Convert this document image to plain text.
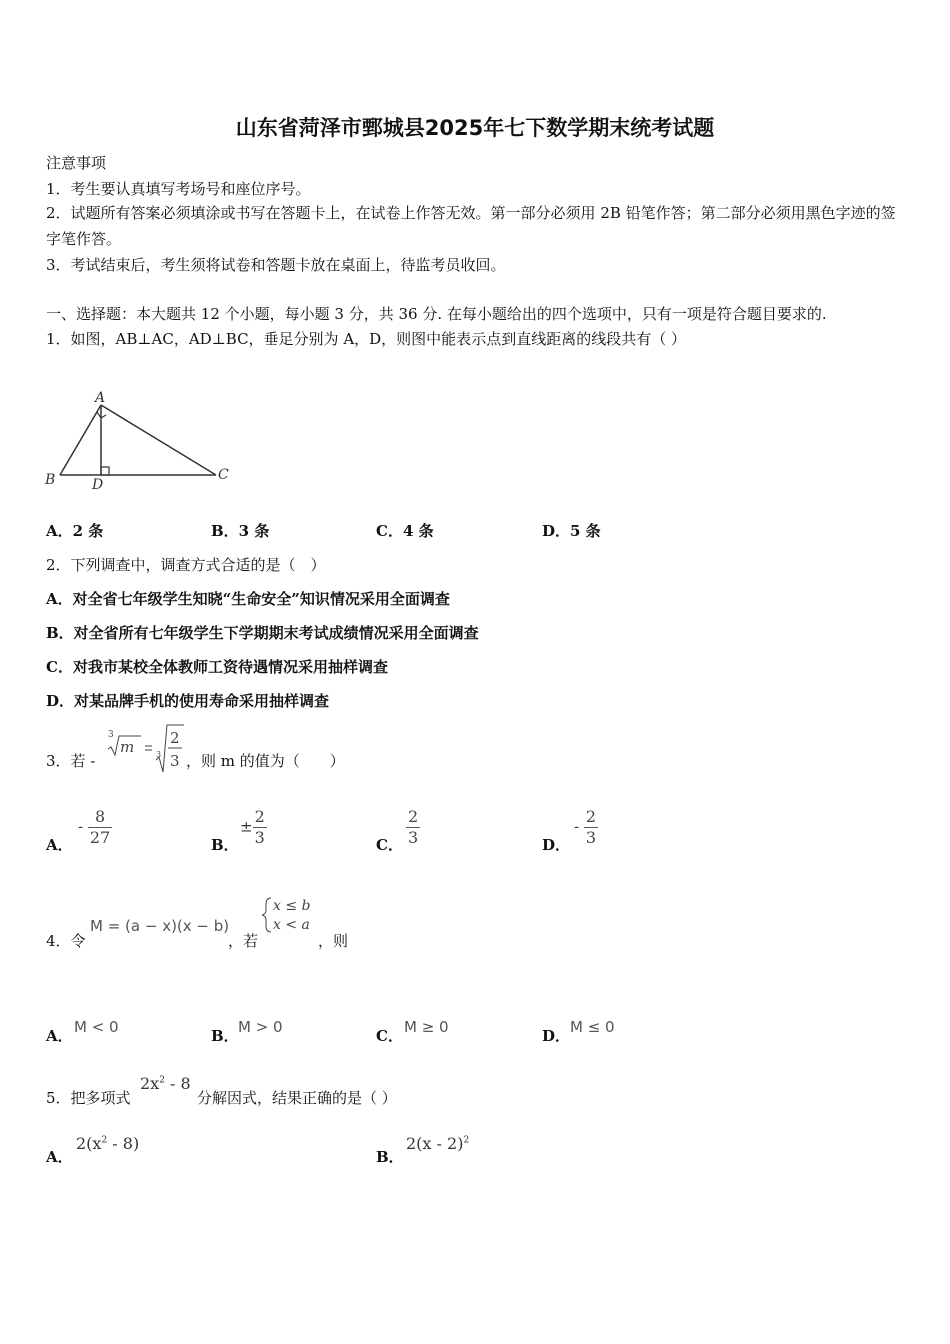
山东省菏泽市鄄城县2025年七下数学期末统考试题
注意事项
1．考生要认真填写考场号和座位序号。
2．试题所有答案必须填涂或书写在答题卡上，在试卷上作答无效。第一部分必须用 2B 铅笔作答；第二部分必须用黑色字迹的签字笔作答。
3．考试结束后，考生须将试卷和答题卡放在桌面上，待监考员收回。
一、选择题：本大题共 12 个小题，每小题 3 分，共 36 分. 在每小题给出的四个选项中，只有一项是符合题目要求的.
1．如图，AB⊥AC，AD⊥BC，垂足分别为 A，D，则图中能表示点到直线距离的线段共有（ ）
A
B	C
D
A．2 条	B．3 条	C．4 条	D．5 条
2．下列调查中，调查方式合适的是（　）
A．对全省七年级学生知晓“生命安全”知识情况采用全面调查
B．对全省所有七年级学生下学期期末考试成绩情况采用全面调查
C．对我市某校全体教师工资待遇情况采用抽样调查
D．对某品牌手机的使用寿命采用抽样调查
3．若 -
3
m	3
2
3 ，则 m 的值为（　　）
A．
- $\frac{8}{27}$	B．
± $\frac{2}{3}$	C． $\frac{2}{3}$	D．
- $\frac{2}{3}$
4．令
M = (a − x)(x − b)
，若
x ≤ b
x < a
，则
A． M < 0	B． M > 0	C． M ≥ 0	D． M ≤ 0
5．把多项式
$2x^2 - 8$
分解因式，结果正确的是（ ）
A．
$2(x^2 - 8)$
B．
2(x - 2)$^2$
